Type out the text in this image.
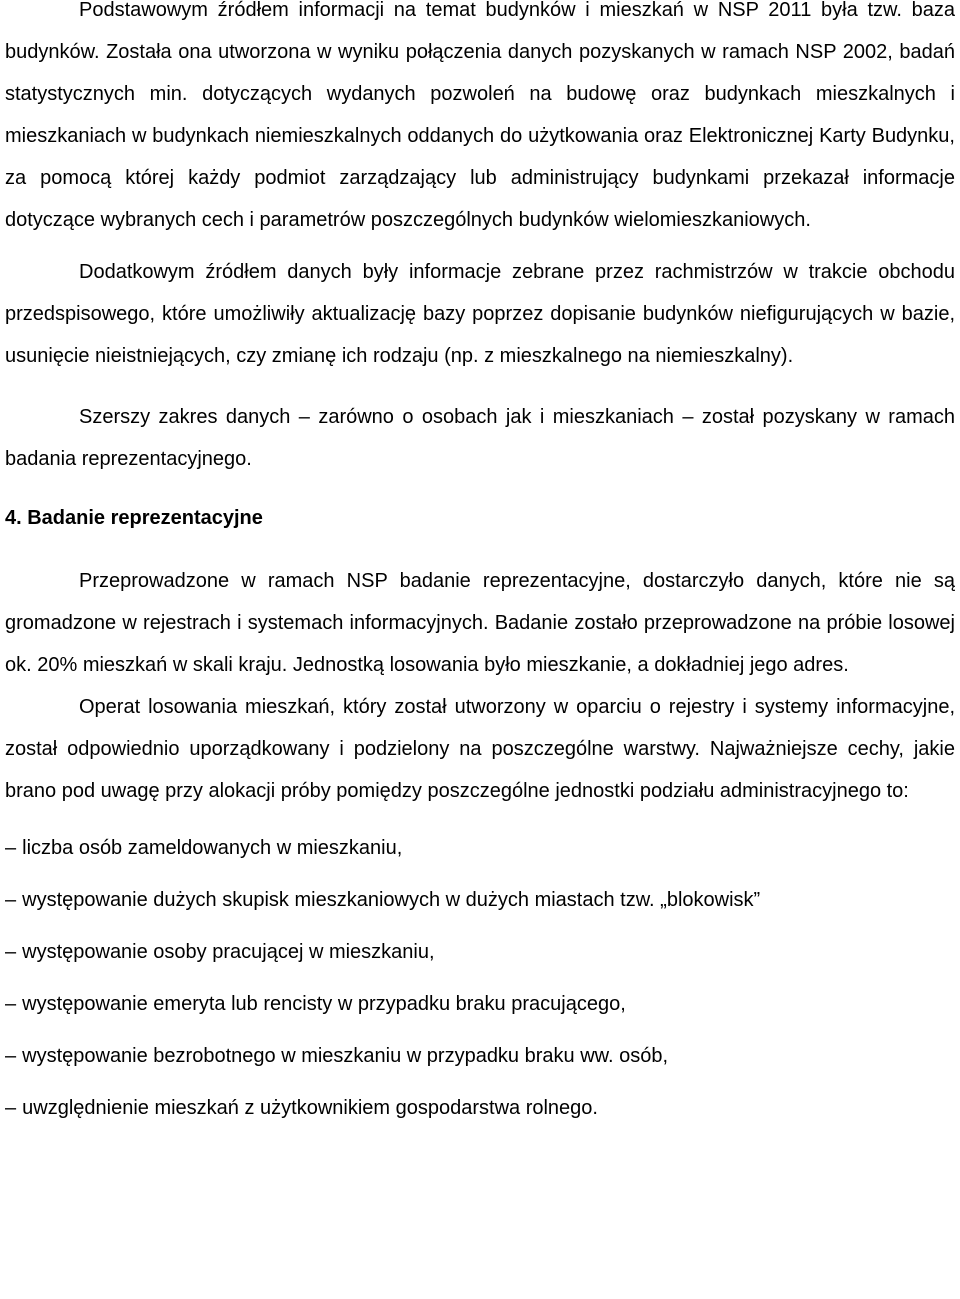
Podstawowym źródłem informacji na temat budynków i mieszkań w NSP 2011 była tzw. baza budynków. Została ona utworzona w wyniku połączenia danych pozyskanych w ramach NSP 2002, badań statystycznych min. dotyczących wydanych pozwoleń na budowę oraz budynkach mieszkalnych i mieszkaniach w budynkach niemieszkalnych oddanych do użytkowania oraz Elektronicznej Karty Budynku, za pomocą której każdy podmiot zarządzający lub administrujący budynkami przekazał informacje dotyczące wybranych cech i parametrów poszczególnych budynków wielomieszkaniowych.

Dodatkowym źródłem danych były informacje zebrane przez rachmistrzów w trakcie obchodu przedspisowego, które umożliwiły aktualizację bazy poprzez dopisanie budynków niefigurujących w bazie, usunięcie nieistniejących, czy zmianę ich rodzaju (np. z mieszkalnego na niemieszkalny).

Szerszy zakres danych – zarówno o osobach jak i mieszkaniach – został pozyskany w ramach badania reprezentacyjnego.

4. Badanie reprezentacyjne

Przeprowadzone w ramach NSP badanie reprezentacyjne, dostarczyło danych, które nie są gromadzone w rejestrach i systemach informacyjnych. Badanie zostało przeprowadzone na próbie losowej ok. 20% mieszkań w skali kraju. Jednostką losowania było mieszkanie, a dokładniej jego adres.

Operat losowania mieszkań, który został utworzony w oparciu o rejestry i systemy informacyjne, został odpowiednio uporządkowany i podzielony na poszczególne warstwy. Najważniejsze cechy, jakie brano pod uwagę przy alokacji próby pomiędzy poszczególne jednostki podziału administracyjnego to:

– liczba osób zameldowanych w mieszkaniu,
– występowanie dużych skupisk mieszkaniowych w dużych miastach tzw. „blokowisk”
– występowanie osoby pracującej w mieszkaniu,
– występowanie emeryta lub rencisty w przypadku braku pracującego,
– występowanie bezrobotnego w mieszkaniu w przypadku braku ww. osób,
– uwzględnienie mieszkań z użytkownikiem gospodarstwa rolnego.
